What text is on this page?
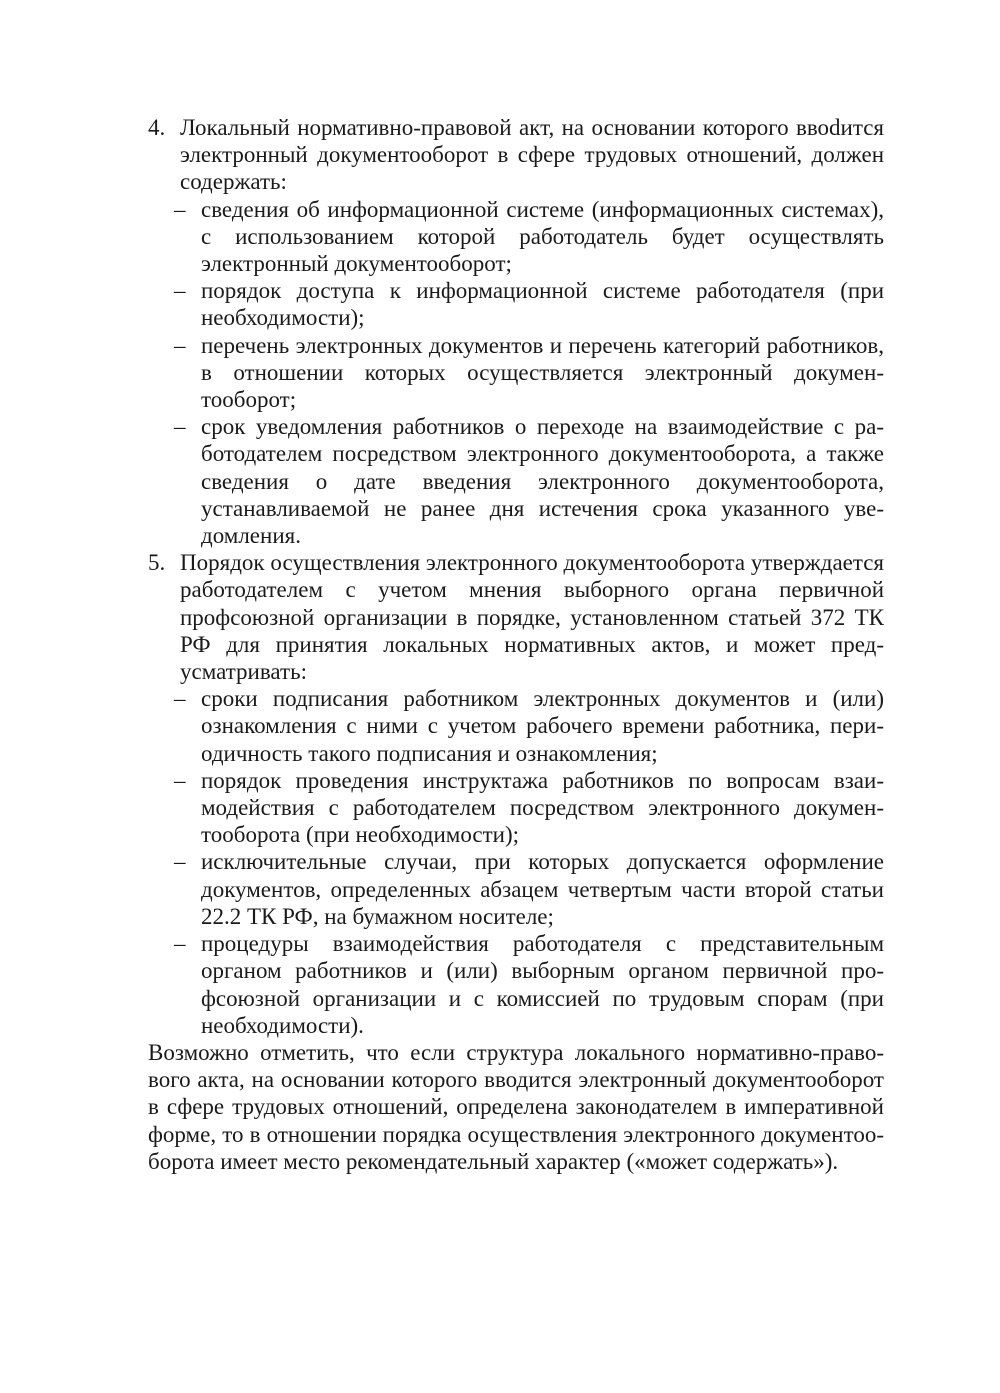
4. Локальный нормативно-правовой акт, на основании которого ввоdится электронный документооборот в сфере трудовых отношений, должен содержать:
– сведения об информационной системе (информационных системах), с использованием которой работодатель будет осуществлять электронный документооборот;
– порядок доступа к информационной системе работодателя (при необходимости);
– перечень электронных документов и перечень категорий работников, в отношении которых осуществляется электронный документооборот;
– срок уведомления работников о переходе на взаимодействие с работодателем посредством электронного документооборота, а также сведения о дате введения электронного документооборота, устанавливаемой не ранее дня истечения срока указанного уведомления.
5. Порядок осуществления электронного документооборота утверждается работодателем с учетом мнения выборного органа первичной профсоюзной организации в порядке, установленном статьей 372 ТК РФ для принятия локальных нормативных актов, и может предусматривать:
– сроки подписания работником электронных документов и (или) ознакомления с ними с учетом рабочего времени работника, периодичность такого подписания и ознакомления;
– порядок проведения инструктажа работников по вопросам взаимодействия с работодателем посредством электронного документооборота (при необходимости);
– исключительные случаи, при которых допускается оформление документов, определенных абзацем четвертым части второй статьи 22.2 ТК РФ, на бумажном носителе;
– процедуры взаимодействия работодателя с представительным органом работников и (или) выборным органом первичной профсоюзной организации и с комиссией по трудовым спорам (при необходимости).

Возможно отметить, что если структура локального нормативно-правового акта, на основании которого вводится электронный документооборот в сфере трудовых отношений, определена законодателем в императивной форме, то в отношении порядка осуществления электронного документооборота имеет место рекомендательный характер («может содержать»).
